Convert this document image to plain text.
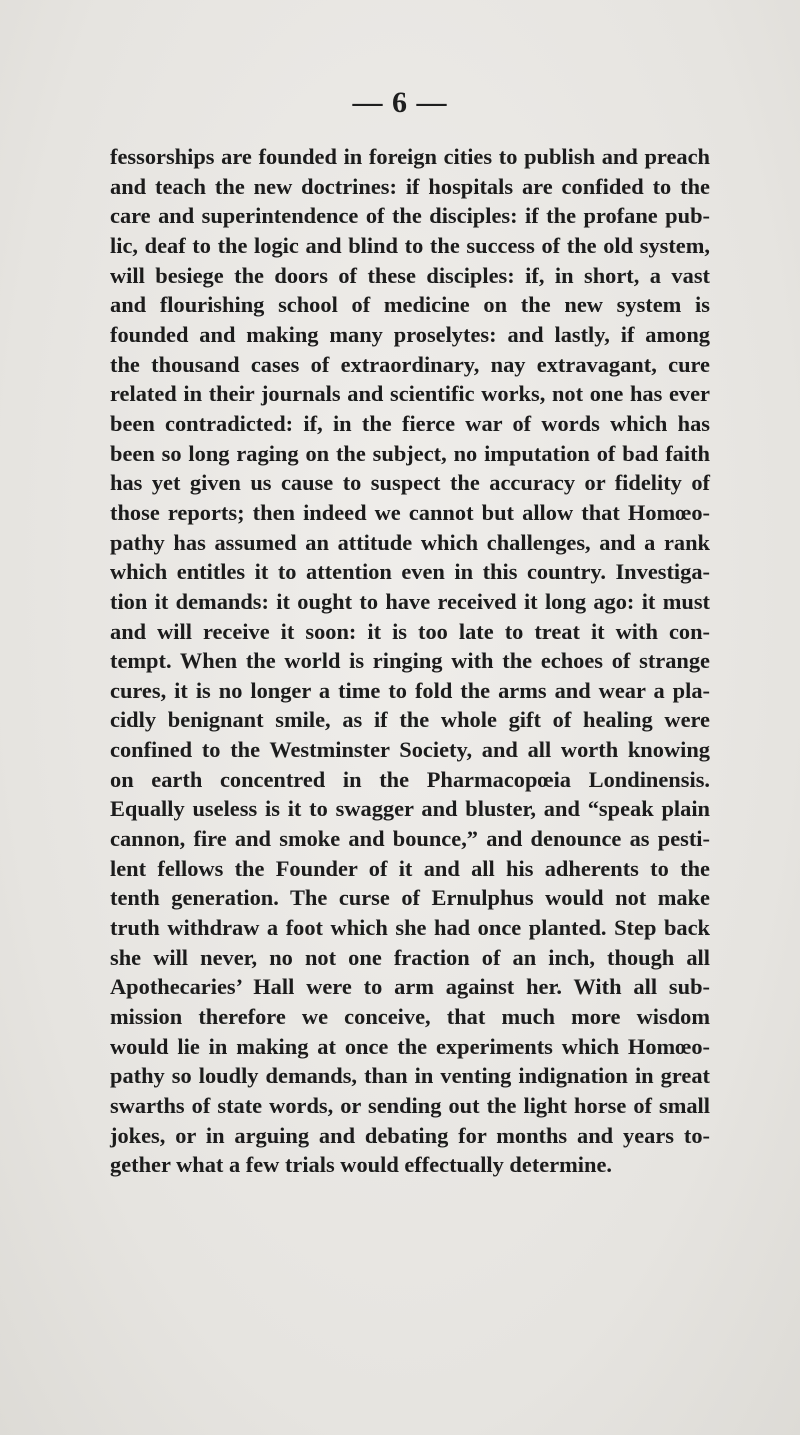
— 6 —
fessorships are founded in foreign cities to publish and preach
and teach the new doctrines: if hospitals are confided to the
care and superintendence of the disciples: if the profane pub-
lic, deaf to the logic and blind to the success of the old system,
will besiege the doors of these disciples: if, in short, a vast
and flourishing school of medicine on the new system is
founded and making many proselytes: and lastly, if among
the thousand cases of extraordinary, nay extravagant, cure
related in their journals and scientific works, not one has ever
been contradicted: if, in the fierce war of words which has
been so long raging on the subject, no imputation of bad faith
has yet given us cause to suspect the accuracy or fidelity of
those reports; then indeed we cannot but allow that Homœo-
pathy has assumed an attitude which challenges, and a rank
which entitles it to attention even in this country. Investiga-
tion it demands: it ought to have received it long ago: it must
and will receive it soon: it is too late to treat it with con-
tempt. When the world is ringing with the echoes of strange
cures, it is no longer a time to fold the arms and wear a pla-
cidly benignant smile, as if the whole gift of healing were
confined to the Westminster Society, and all worth knowing
on earth concentred in the Pharmacopœia Londinensis.
Equally useless is it to swagger and bluster, and “speak plain
cannon, fire and smoke and bounce,” and denounce as pesti-
lent fellows the Founder of it and all his adherents to the
tenth generation. The curse of Ernulphus would not make
truth withdraw a foot which she had once planted. Step back
she will never, no not one fraction of an inch, though all
Apothecaries’ Hall were to arm against her. With all sub-
mission therefore we conceive, that much more wisdom
would lie in making at once the experiments which Homœo-
pathy so loudly demands, than in venting indignation in great
swarths of state words, or sending out the light horse of small
jokes, or in arguing and debating for months and years to-
gether what a few trials would effectually determine.
